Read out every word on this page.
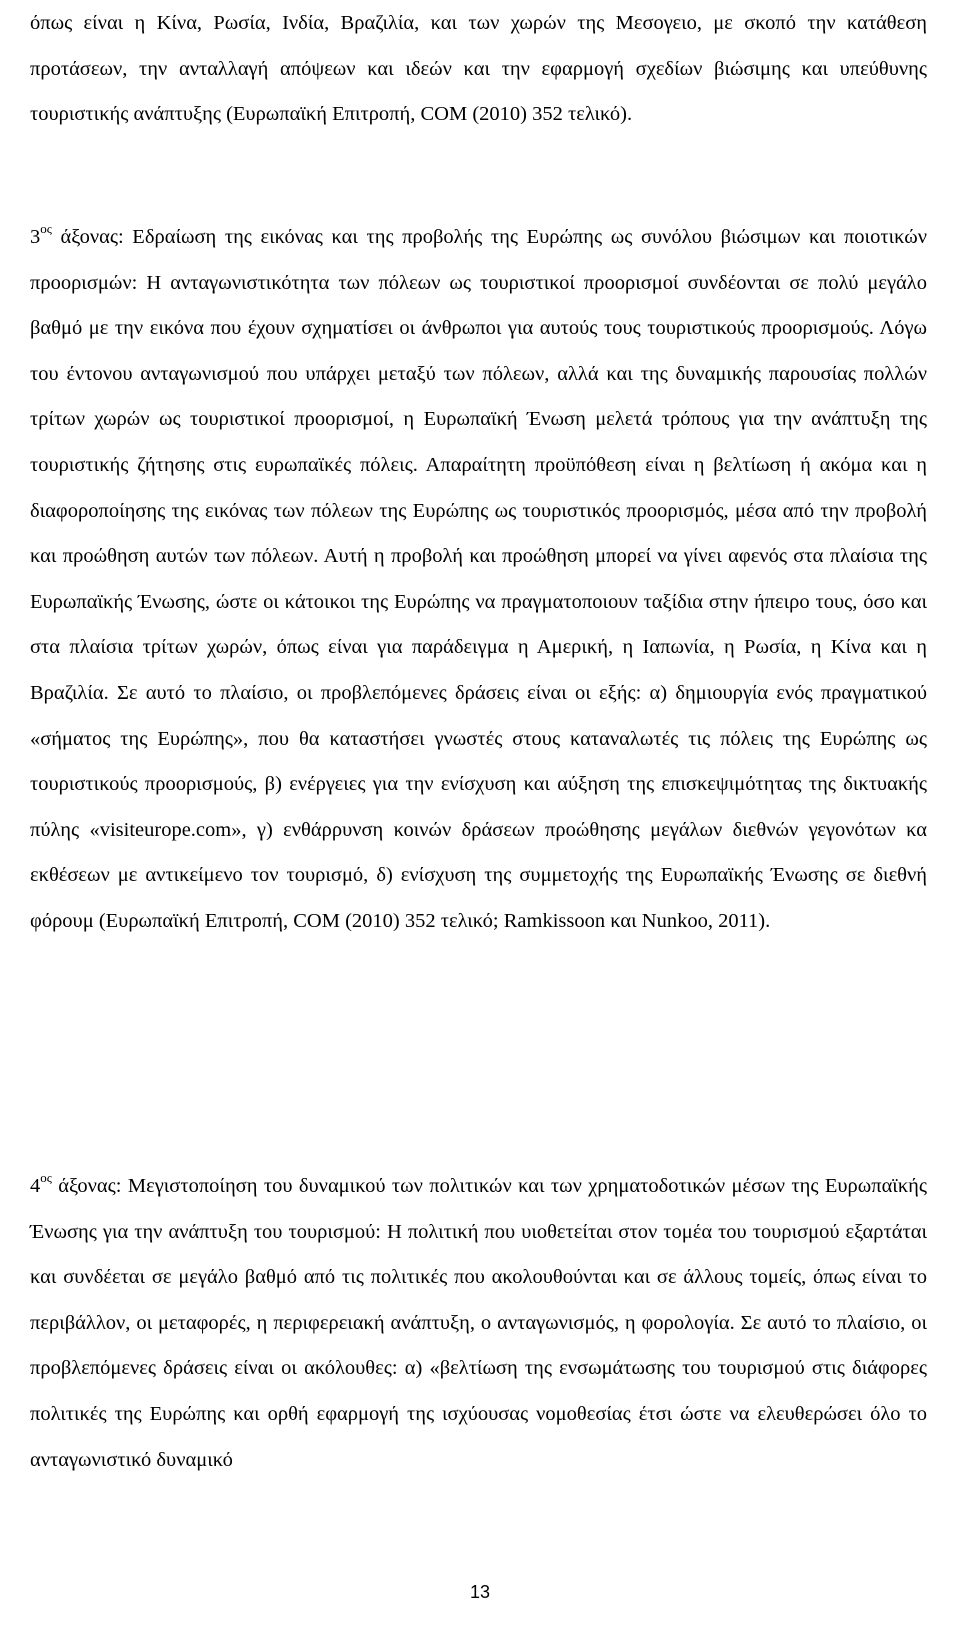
όπως είναι η Κίνα, Ρωσία, Ινδία, Βραζιλία, και των χωρών της Μεσογειο, με σκοπό την κατάθεση προτάσεων, την ανταλλαγή απόψεων και ιδεών και την εφαρμογή σχεδίων βιώσιμης και υπεύθυνης τουριστικής ανάπτυξης (Ευρωπαϊκή Επιτροπή, COM (2010) 352 τελικό).

$3^{o\varsigma}$ άξονας: Εδραίωση της εικόνας και της προβολής της Ευρώπης ως συνόλου βιώσιμων και ποιοτικών προορισμών: Η ανταγωνιστικότητα των πόλεων ως τουριστικοί προορισμοί συνδέονται σε πολύ μεγάλο βαθμό με την εικόνα που έχουν σχηματίσει οι άνθρωποι για αυτούς τους τουριστικούς προορισμούς. Λόγω του έντονου ανταγωνισμού που υπάρχει μεταξύ των πόλεων, αλλά και της δυναμικής παρουσίας πολλών τρίτων χωρών ως τουριστικοί προορισμοί, η Ευρωπαϊκή Ένωση μελετά τρόπους για την ανάπτυξη της τουριστικής ζήτησης στις ευρωπαϊκές πόλεις. Απαραίτητη προϋπόθεση είναι η βελτίωση ή ακόμα και η διαφοροποίησης της εικόνας των πόλεων της Ευρώπης ως τουριστικός προορισμός, μέσα από την προβολή και προώθηση αυτών των πόλεων. Αυτή η προβολή και προώθηση μπορεί να γίνει αφενός στα πλαίσια της Ευρωπαϊκής Ένωσης, ώστε οι κάτοικοι της Ευρώπης να πραγματοποιουν ταξίδια στην ήπειρο τους, όσο και στα πλαίσια τρίτων χωρών, όπως είναι για παράδειγμα η Αμερική, η Ιαπωνία, η Ρωσία, η Κίνα και η Βραζιλία. Σε αυτό το πλαίσιο, οι προβλεπόμενες δράσεις είναι οι εξής: α) δημιουργία ενός πραγματικού «σήματος της Ευρώπης», που θα καταστήσει γνωστές στους καταναλωτές τις πόλεις της Ευρώπης ως τουριστικούς προορισμούς, β) ενέργειες για την ενίσχυση και αύξηση της επισκεψιμότητας της δικτυακής πύλης «visiteurope.com», γ) ενθάρρυνση κοινών δράσεων προώθησης μεγάλων διεθνών γεγονότων κα εκθέσεων με αντικείμενο τον τουρισμό, δ) ενίσχυση της συμμετοχής της Ευρωπαϊκής Ένωσης σε διεθνή φόρουμ (Ευρωπαϊκή Επιτροπή, COM (2010) 352 τελικό; Ramkissoon και Nunkoo, 2011).

$4^{o\varsigma}$ άξονας: Μεγιστοποίηση του δυναμικού των πολιτικών και των χρηματοδοτικών μέσων της Ευρωπαϊκής Ένωσης για την ανάπτυξη του τουρισμού: Η πολιτική που υιοθετείται στον τομέα του τουρισμού εξαρτάται και συνδέεται σε μεγάλο βαθμό από τις πολιτικές που ακολουθούνται και σε άλλους τομείς, όπως είναι το περιβάλλον, οι μεταφορές, η περιφερειακή ανάπτυξη, ο ανταγωνισμός, η φορολογία. Σε αυτό το πλαίσιο, οι προβλεπόμενες δράσεις είναι οι ακόλουθες: α) «βελτίωση της ενσωμάτωσης του τουρισμού στις διάφορες πολιτικές της Ευρώπης και ορθή εφαρμογή της ισχύουσας νομοθεσίας έτσι ώστε να ελευθερώσει όλο το ανταγωνιστικό δυναμικό

13
